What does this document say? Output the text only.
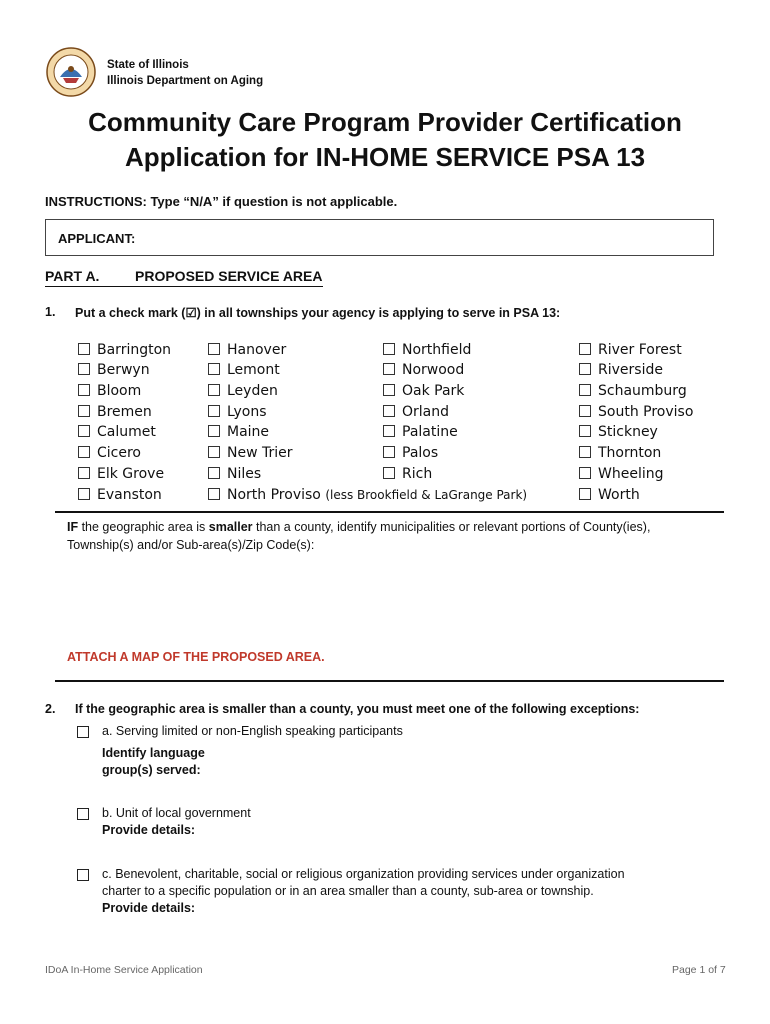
State of Illinois
Illinois Department on Aging
Community Care Program Provider Certification
Application for IN-HOME SERVICE PSA 13
INSTRUCTIONS: Type “N/A” if question is not applicable.
APPLICANT:
PART A.	PROPOSED SERVICE AREA
1. Put a check mark (☑) in all townships your agency is applying to serve in PSA 13:
Barrington
Berwyn
Bloom
Bremen
Calumet
Cicero
Elk Grove
Evanston
Hanover
Lemont
Leyden
Lyons
Maine
New Trier
Niles
North Proviso (less Brookfield & LaGrange Park)
Northfield
Norwood
Oak Park
Orland
Palatine
Palos
Rich
River Forest
Riverside
Schaumburg
South Proviso
Stickney
Thornton
Wheeling
Worth
IF the geographic area is smaller than a county, identify municipalities or relevant portions of County(ies), Township(s) and/or Sub-area(s)/Zip Code(s):
ATTACH A MAP OF THE PROPOSED AREA.
2. If the geographic area is smaller than a county, you must meet one of the following exceptions:
a. Serving limited or non-English speaking participants
Identify language group(s) served:
b. Unit of local government
Provide details:
c. Benevolent, charitable, social or religious organization providing services under organization charter to a specific population or in an area smaller than a county, sub-area or township.
Provide details:
IDoA In-Home Service Application	Page 1 of 7
